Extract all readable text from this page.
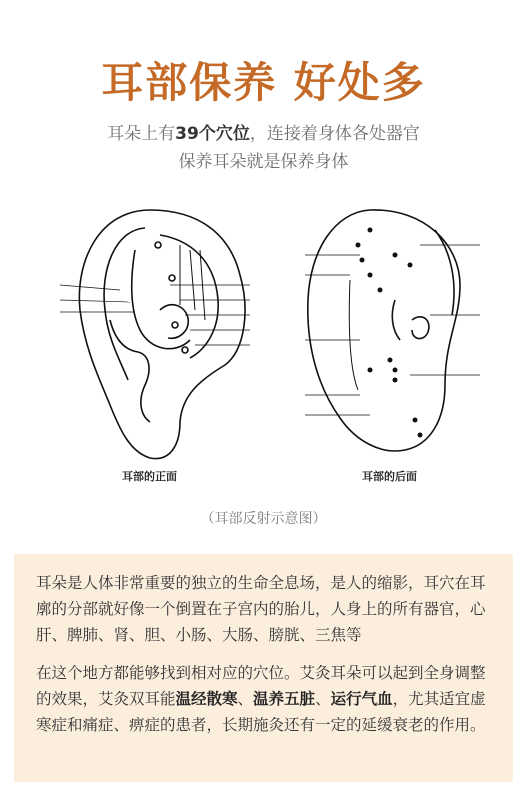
耳部保养 好处多
耳朵上有39个穴位，连接着身体各处器官
保养耳朵就是保养身体
耳部的正面	耳部的后面
（耳部反射示意图）

耳朵是人体非常重要的独立的生命全息场，是人的缩影，耳穴在耳廓的分部就好像一个倒置在子宫内的胎儿，人身上的所有器官，心肝、脾肺、肾、胆、小肠、大肠、膀胱、三焦等

在这个地方都能够找到相对应的穴位。艾灸耳朵可以起到全身调整的效果，艾灸双耳能温经散寒、温养五脏、运行气血，尤其适宜虚寒症和痛症、痹症的患者，长期施灸还有一定的延缓衰老的作用。
